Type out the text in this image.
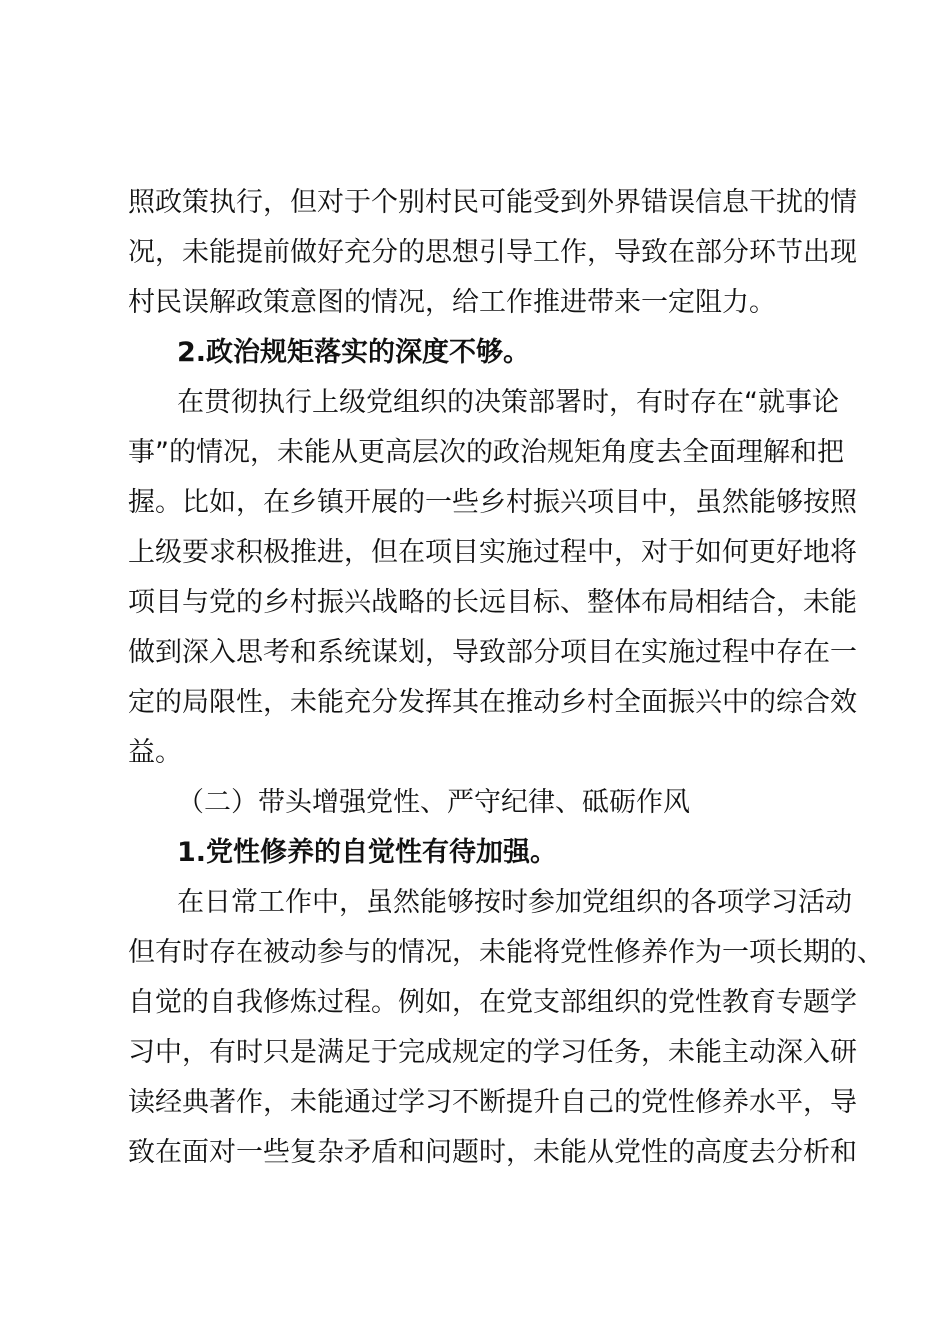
照政策执行，但对于个别村民可能受到外界错误信息干扰的情
况，未能提前做好充分的思想引导工作，导致在部分环节出现
村民误解政策意图的情况，给工作推进带来一定阻力。
2.政治规矩落实的深度不够。
在贯彻执行上级党组织的决策部署时，有时存在“就事论
事”的情况，未能从更高层次的政治规矩角度去全面理解和把
握。比如，在乡镇开展的一些乡村振兴项目中，虽然能够按照
上级要求积极推进，但在项目实施过程中，对于如何更好地将
项目与党的乡村振兴战略的长远目标、整体布局相结合，未能
做到深入思考和系统谋划，导致部分项目在实施过程中存在一
定的局限性，未能充分发挥其在推动乡村全面振兴中的综合效
益。
（二）带头增强党性、严守纪律、砥砺作风
1.党性修养的自觉性有待加强。
在日常工作中，虽然能够按时参加党组织的各项学习活动
但有时存在被动参与的情况，未能将党性修养作为一项长期的、
自觉的自我修炼过程。例如，在党支部组织的党性教育专题学
习中，有时只是满足于完成规定的学习任务，未能主动深入研
读经典著作，未能通过学习不断提升自己的党性修养水平，导
致在面对一些复杂矛盾和问题时，未能从党性的高度去分析和
